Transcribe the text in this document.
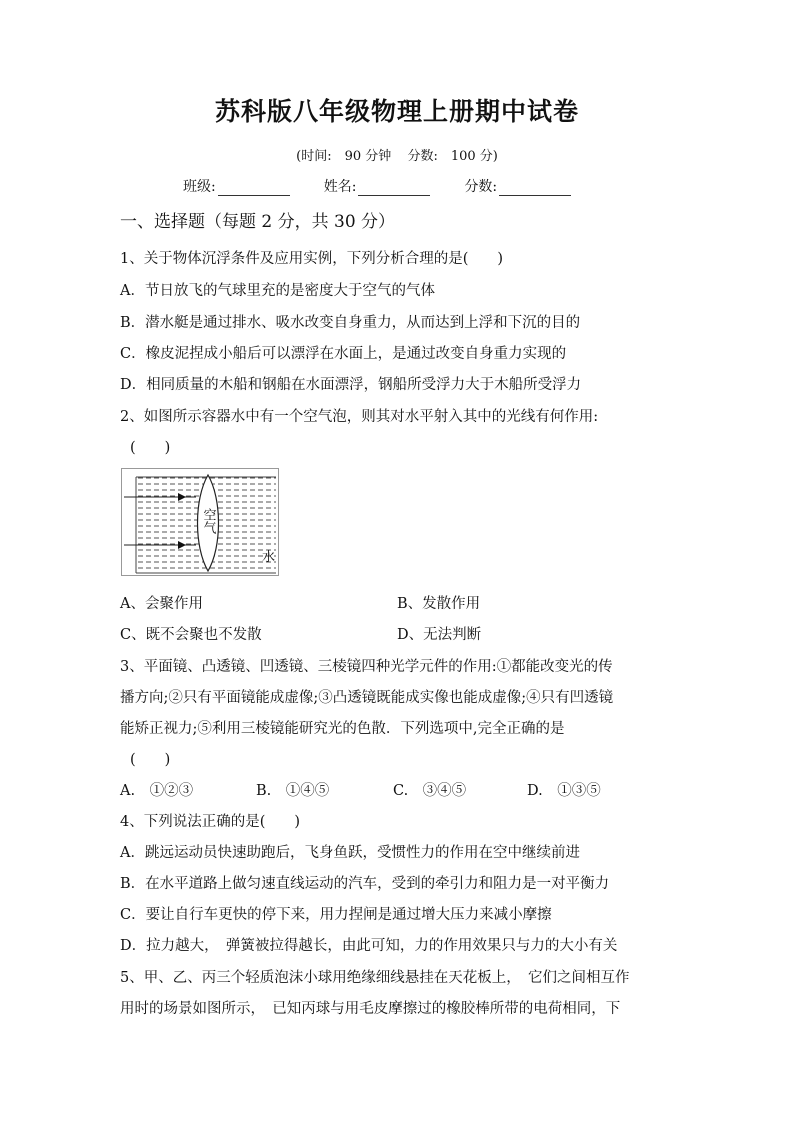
苏科版八年级物理上册期中试卷
(时间:　90 分钟 分数:　100 分)
班级:	姓名:	分数:
一、选择题（每题 2 分，共 30 分）
1、关于物体沉浮条件及应用实例，下列分析合理的是(　　)
A．节日放飞的气球里充的是密度大于空气的气体
B．潜水艇是通过排水、吸水改变自身重力，从而达到上浮和下沉的目的
C．橡皮泥捏成小船后可以漂浮在水面上，是通过改变自身重力实现的
D．相同质量的木船和钢船在水面漂浮，钢船所受浮力大于木船所受浮力
2、如图所示容器水中有一个空气泡，则其对水平射入其中的光线有何作用:
(　　)
空气
水
A、会聚作用	B、发散作用
C、既不会聚也不发散	D、无法判断
3、平面镜、凸透镜、凹透镜、三棱镜四种光学元件的作用:①都能改变光的传
播方向;②只有平面镜能成虚像;③凸透镜既能成实像也能成虚像;④只有凹透镜
能矫正视力;⑤利用三棱镜能研究光的色散．下列选项中,完全正确的是
(　　)
A.　①②③	B.　①④⑤	C.　③④⑤	D.　①③⑤
4、下列说法正确的是(　　)
A．跳远运动员快速助跑后，飞身鱼跃，受惯性力的作用在空中继续前进
B．在水平道路上做匀速直线运动的汽车，受到的牵引力和阻力是一对平衡力
C．要让自行车更快的停下来，用力捏闸是通过增大压力来减小摩擦
D．拉力越大，　弹簧被拉得越长，由此可知，力的作用效果只与力的大小有关
5、甲、乙、丙三个轻质泡沫小球用绝缘细线悬挂在天花板上，　它们之间相互作
用时的场景如图所示，　已知丙球与用毛皮摩擦过的橡胶棒所带的电荷相同，下
